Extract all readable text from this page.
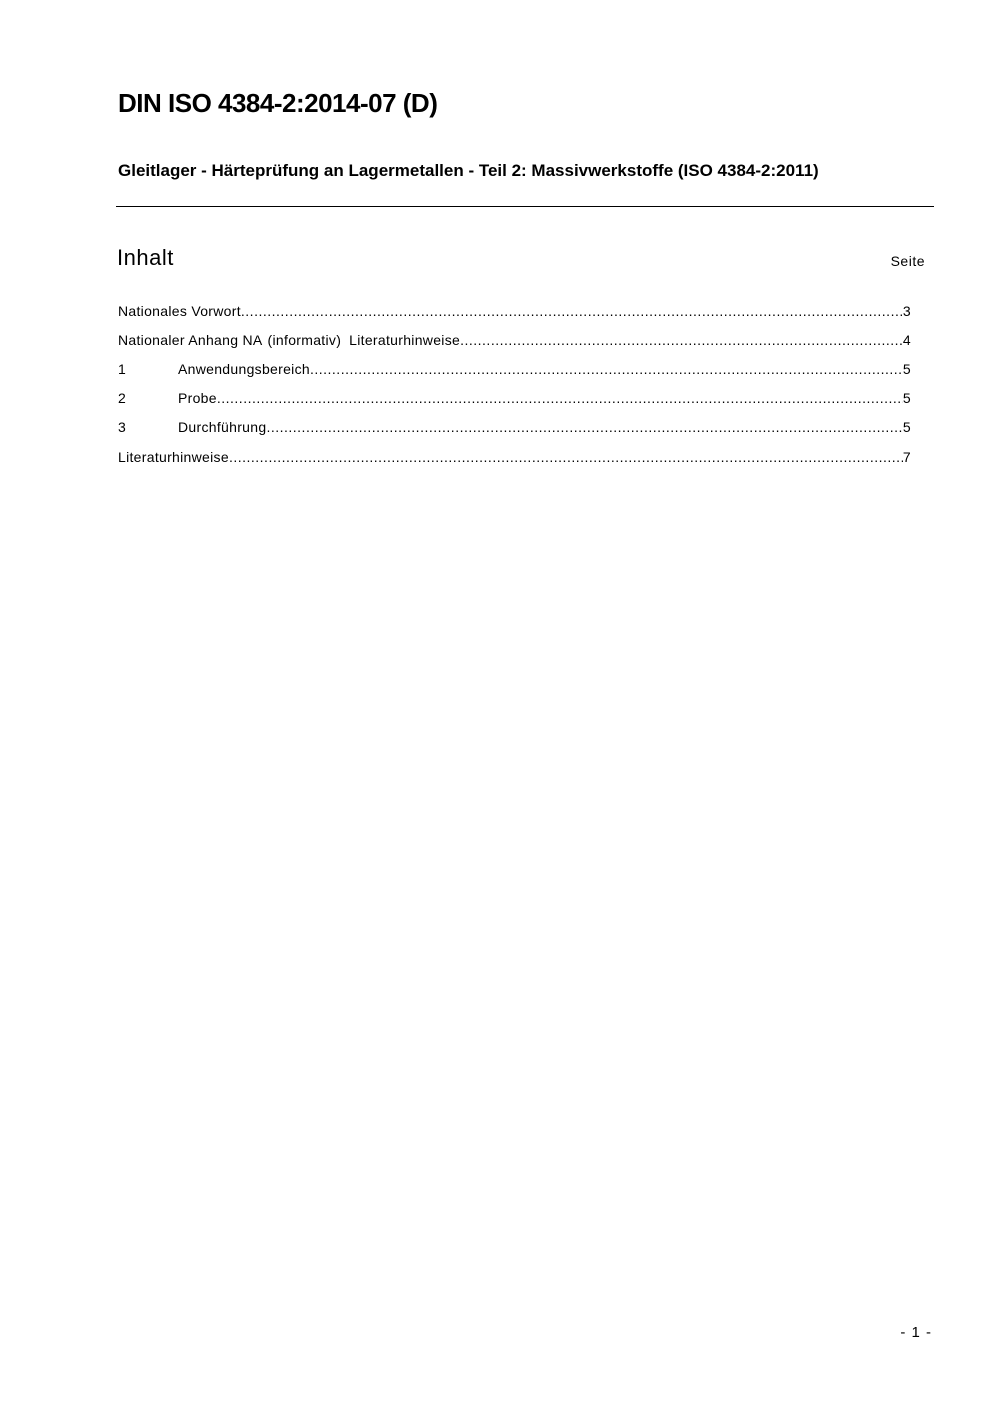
DIN ISO 4384-2:2014-07 (D)
Gleitlager - Härteprüfung an Lagermetallen - Teil 2: Massivwerkstoffe (ISO 4384-2:2011)
Inhalt	Seite
Nationales Vorwort .....	3
Nationaler Anhang NA (informativ) Literaturhinweise .....	4
1	Anwendungsbereich .....	5
2	Probe .....	5
3	Durchführung .....	5
Literaturhinweise .....	7
- 1 -
